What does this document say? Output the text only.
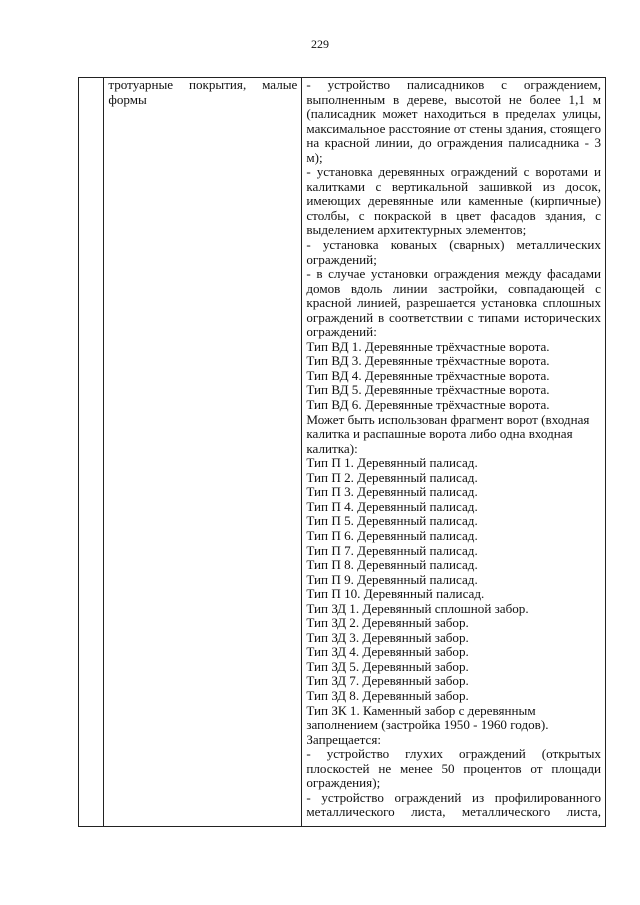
229

тротуарные покрытия, малые формы

- устройство палисадников с ограждением, выполненным в дереве, высотой не более 1,1 м (палисадник может находиться в пределах улицы, максимальное расстояние от стены здания, стоящего на красной линии, до ограждения палисадника - 3 м);

- установка деревянных ограждений с воротами и калитками с вертикальной зашивкой из досок, имеющих деревянные или каменные (кирпичные) столбы, с покраской в цвет фасадов здания, с выделением архитектурных элементов;

- установка кованых (сварных) металлических ограждений;

- в случае установки ограждения между фасадами домов вдоль линии застройки, совпадающей с красной линией, разрешается установка сплошных ограждений в соответствии с типами исторических ограждений:

Тип ВД 1. Деревянные трёхчастные ворота.

Тип ВД 3. Деревянные трёхчастные ворота.

Тип ВД 4. Деревянные трёхчастные ворота.

Тип ВД 5. Деревянные трёхчастные ворота.

Тип ВД 6. Деревянные трёхчастные ворота.

Может быть использован фрагмент ворот (входная калитка и распашные ворота либо одна входная калитка):

Тип П 1. Деревянный палисад.

Тип П 2. Деревянный палисад.

Тип П 3. Деревянный палисад.

Тип П 4. Деревянный палисад.

Тип П 5. Деревянный палисад.

Тип П 6. Деревянный палисад.

Тип П 7. Деревянный палисад.

Тип П 8. Деревянный палисад.

Тип П 9. Деревянный палисад.

Тип П 10. Деревянный палисад.

Тип ЗД 1. Деревянный сплошной забор.

Тип ЗД 2. Деревянный забор.

Тип ЗД 3. Деревянный забор.

Тип ЗД 4. Деревянный забор.

Тип ЗД 5. Деревянный забор.

Тип ЗД 7. Деревянный забор.

Тип ЗД 8. Деревянный забор.

Тип ЗК 1. Каменный забор с деревянным заполнением (застройка 1950 - 1960 годов).

Запрещается:

- устройство глухих ограждений (открытых плоскостей не менее 50 процентов от площади ограждения);

- устройство ограждений из профилированного металлического листа, металлического листа,
